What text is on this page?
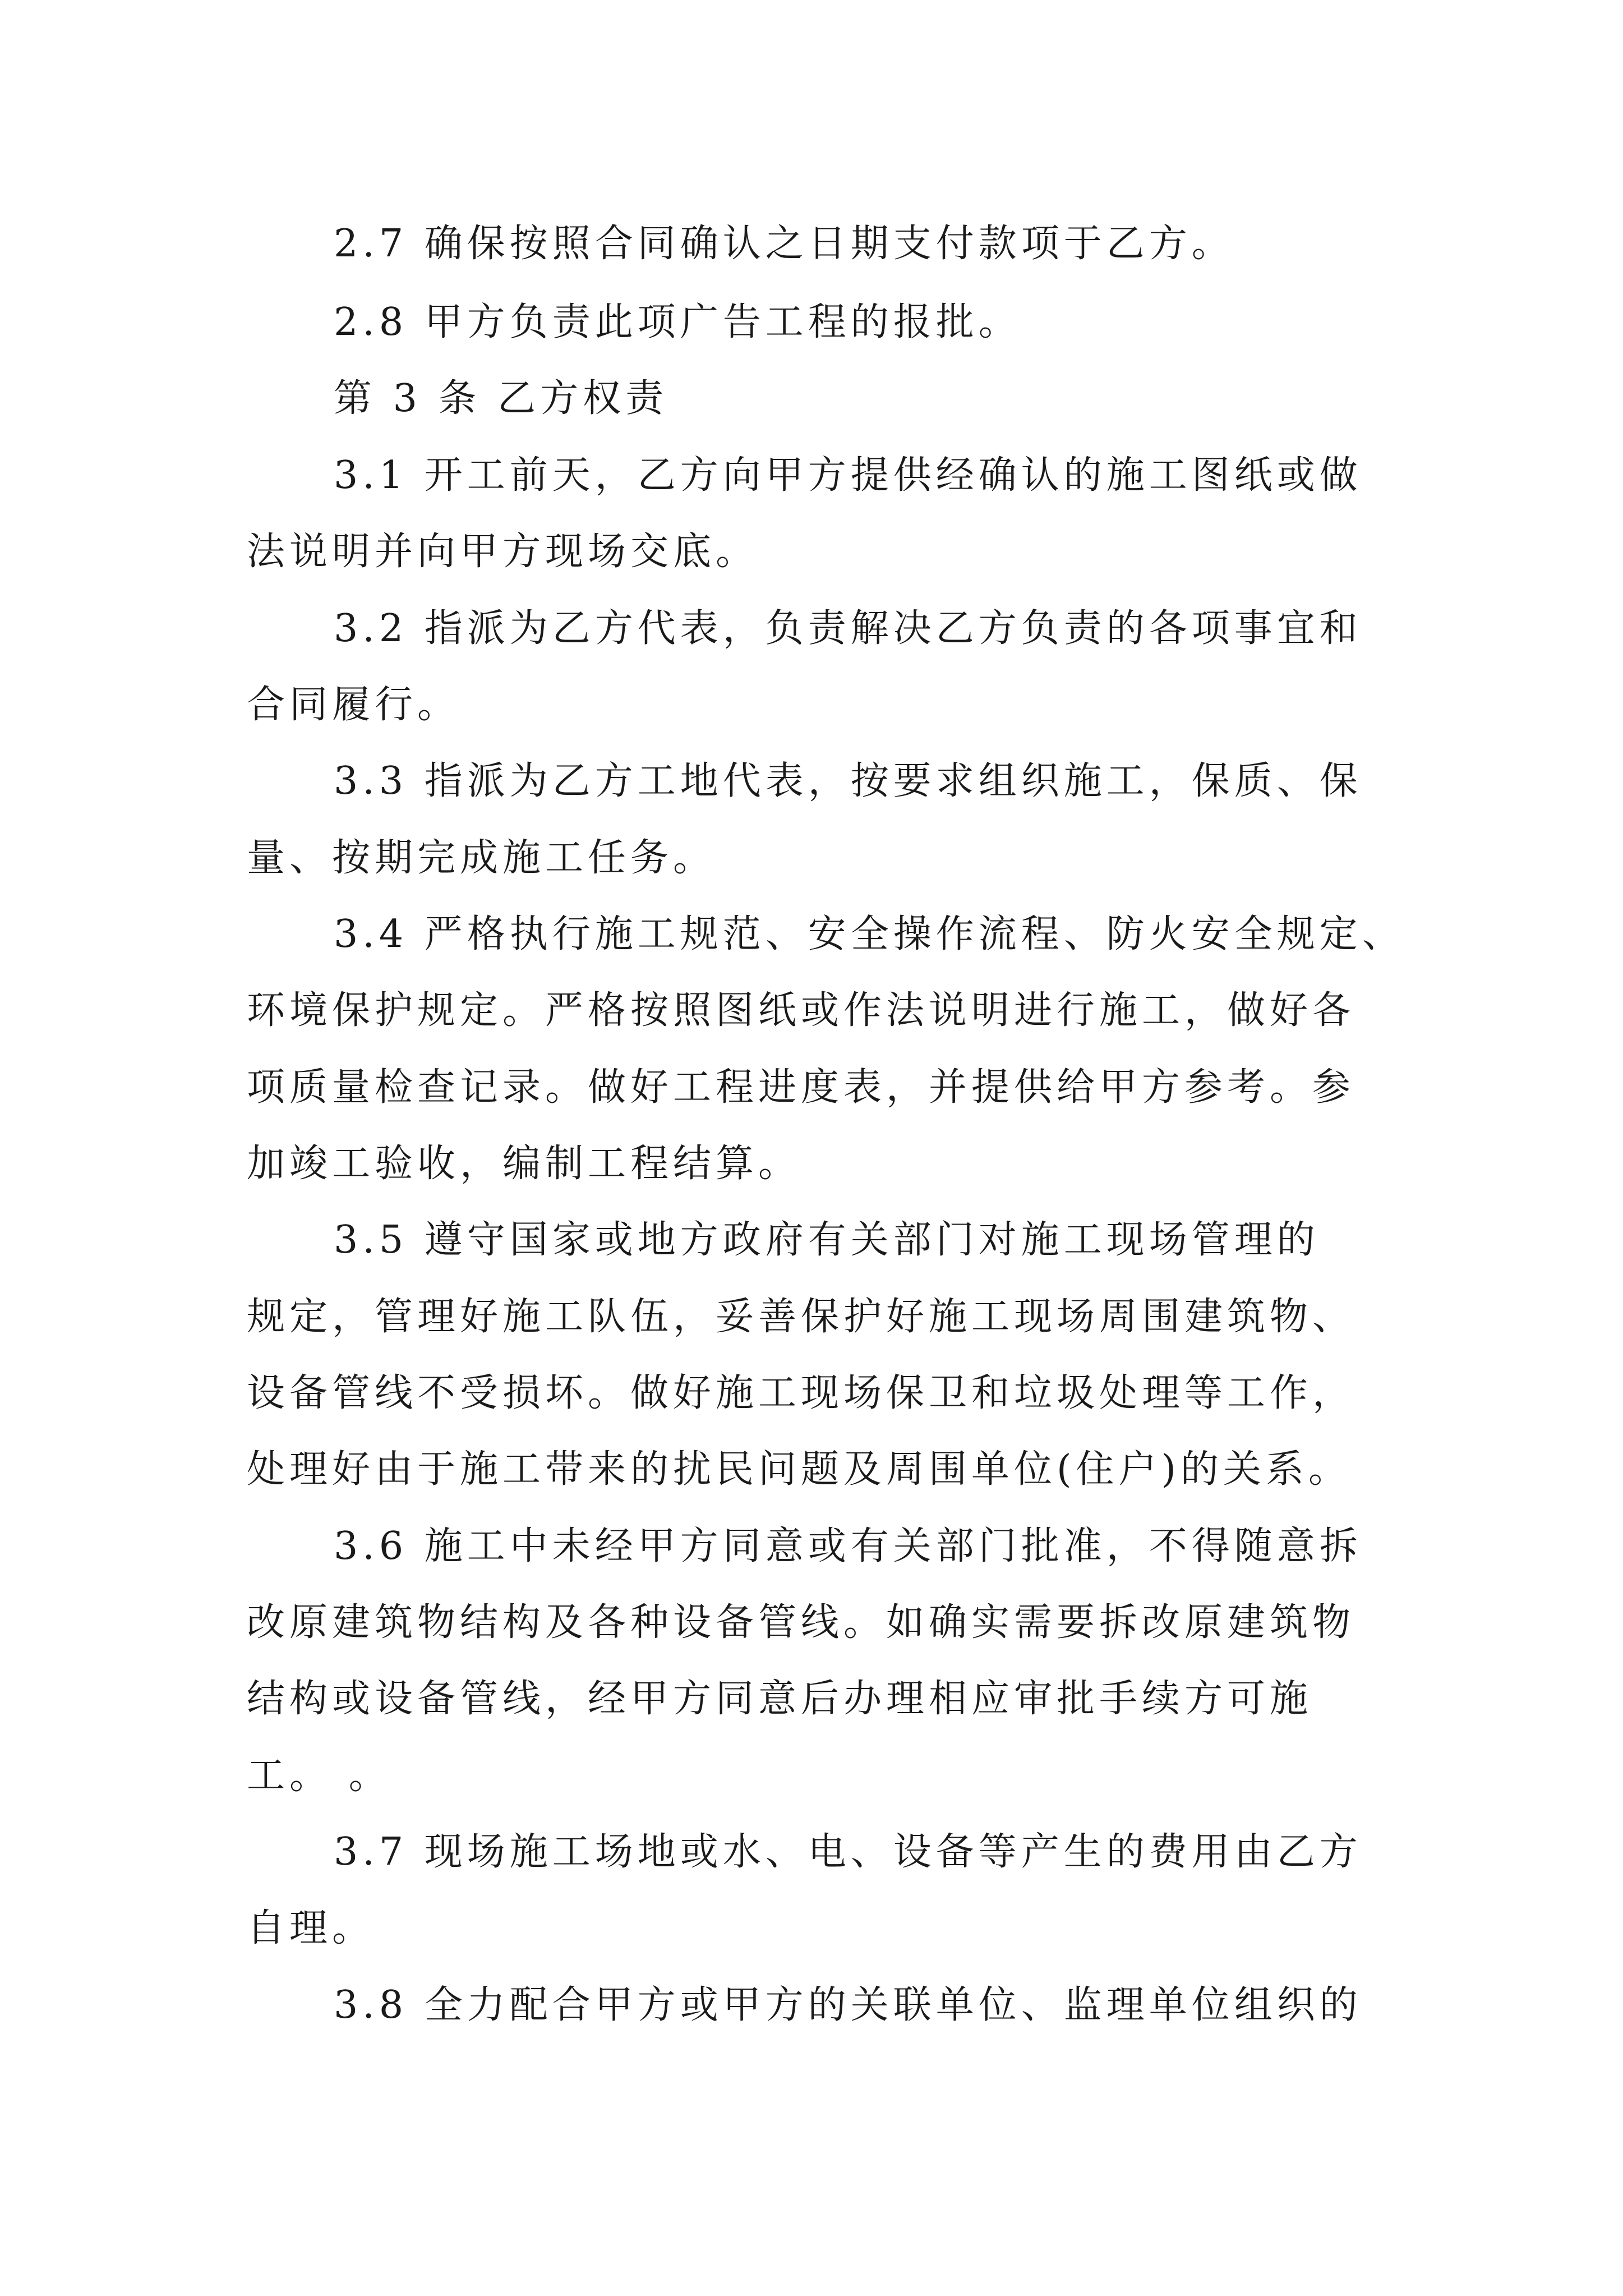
2.7 确保按照合同确认之日期支付款项于乙方。
2.8 甲方负责此项广告工程的报批。
第 3 条 乙方权责
3.1 开工前天，乙方向甲方提供经确认的施工图纸或做
法说明并向甲方现场交底。
3.2 指派为乙方代表，负责解决乙方负责的各项事宜和
合同履行。
3.3 指派为乙方工地代表，按要求组织施工，保质、保
量、按期完成施工任务。
3.4 严格执行施工规范、安全操作流程、防火安全规定、
环境保护规定。严格按照图纸或作法说明进行施工，做好各
项质量检查记录。做好工程进度表，并提供给甲方参考。参
加竣工验收，编制工程结算。
3.5 遵守国家或地方政府有关部门对施工现场管理的
规定，管理好施工队伍，妥善保护好施工现场周围建筑物、
设备管线不受损坏。做好施工现场保卫和垃圾处理等工作，
处理好由于施工带来的扰民问题及周围单位(住户)的关系。
3.6 施工中未经甲方同意或有关部门批准，不得随意拆
改原建筑物结构及各种设备管线。如确实需要拆改原建筑物
结构或设备管线，经甲方同意后办理相应审批手续方可施
工。 。
3.7 现场施工场地或水、电、设备等产生的费用由乙方
自理。
3.8 全力配合甲方或甲方的关联单位、监理单位组织的
